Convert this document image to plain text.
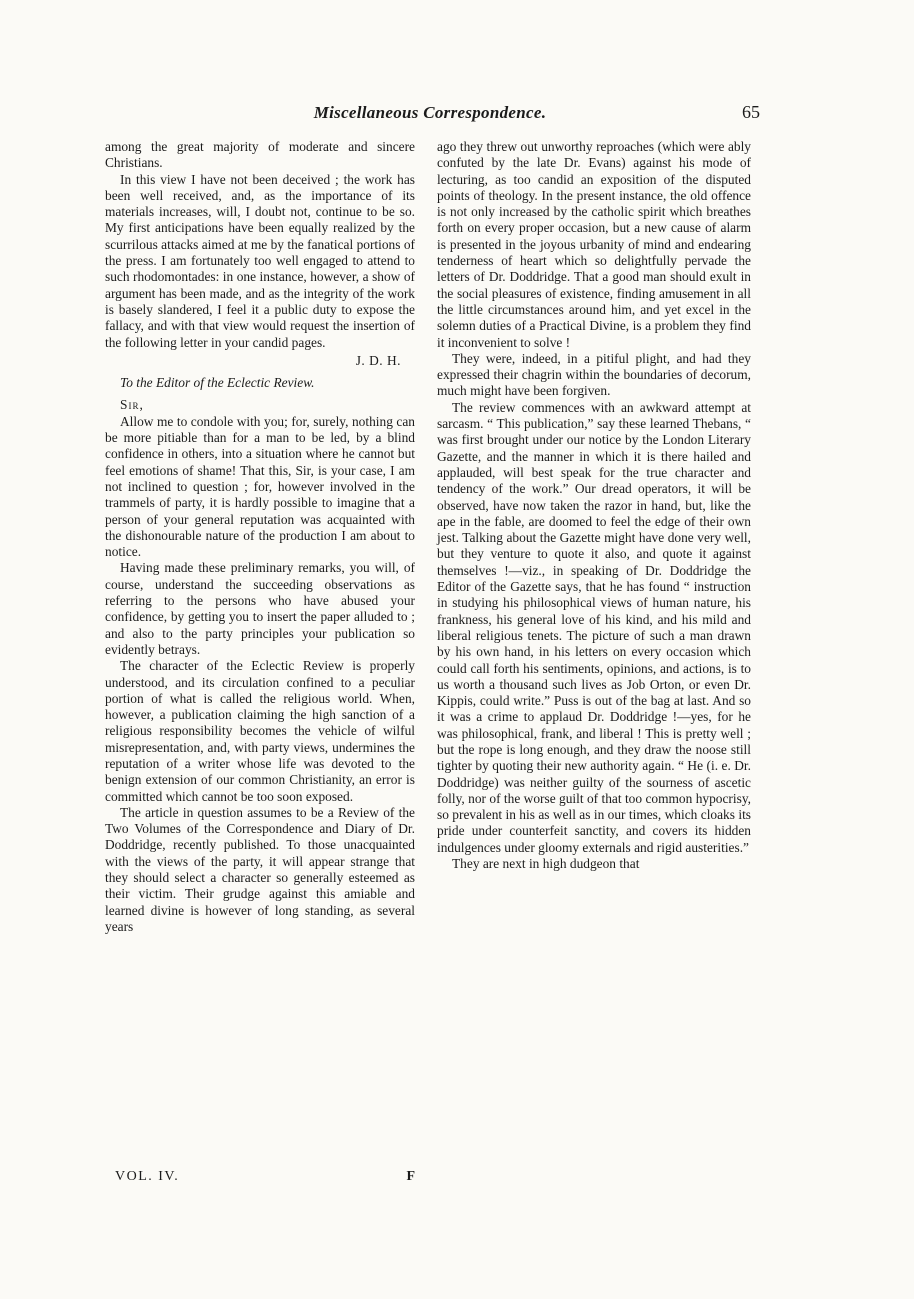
Miscellaneous Correspondence.	65

among the great majority of moderate and sincere Christians.

In this view I have not been deceived ; the work has been well received, and, as the importance of its materials increases, will, I doubt not, continue to be so. My first anticipations have been equally realized by the scurrilous attacks aimed at me by the fanatical portions of the press. I am fortunately too well engaged to attend to such rhodomontades: in one instance, however, a show of argument has been made, and as the integrity of the work is basely slandered, I feel it a public duty to expose the fallacy, and with that view would request the insertion of the following letter in your candid pages.

J. D. H.

To the Editor of the Eclectic Review.

Sir,

Allow me to condole with you; for, surely, nothing can be more pitiable than for a man to be led, by a blind confidence in others, into a situation where he cannot but feel emotions of shame! That this, Sir, is your case, I am not inclined to question ; for, however involved in the trammels of party, it is hardly possible to imagine that a person of your general reputation was acquainted with the dishonourable nature of the production I am about to notice.

Having made these preliminary remarks, you will, of course, understand the succeeding observations as referring to the persons who have abused your confidence, by getting you to insert the paper alluded to ; and also to the party principles your publication so evidently betrays.

The character of the Eclectic Review is properly understood, and its circulation confined to a peculiar portion of what is called the religious world. When, however, a publication claiming the high sanction of a religious responsibility becomes the vehicle of wilful misrepresentation, and, with party views, undermines the reputation of a writer whose life was devoted to the benign extension of our common Christianity, an error is committed which cannot be too soon exposed.

The article in question assumes to be a Review of the Two Volumes of the Correspondence and Diary of Dr. Doddridge, recently published. To those unacquainted with the views of the party, it will appear strange that they should select a character so generally esteemed as their victim. Their grudge against this amiable and learned divine is however of long standing, as several years

ago they threw out unworthy reproaches (which were ably confuted by the late Dr. Evans) against his mode of lecturing, as too candid an exposition of the disputed points of theology. In the present instance, the old offence is not only increased by the catholic spirit which breathes forth on every proper occasion, but a new cause of alarm is presented in the joyous urbanity of mind and endearing tenderness of heart which so delightfully pervade the letters of Dr. Doddridge. That a good man should exult in the social pleasures of existence, finding amusement in all the little circumstances around him, and yet excel in the solemn duties of a Practical Divine, is a problem they find it inconvenient to solve !

They were, indeed, in a pitiful plight, and had they expressed their chagrin within the boundaries of decorum, much might have been forgiven.

The review commences with an awkward attempt at sarcasm. “ This publication,” say these learned Thebans, “ was first brought under our notice by the London Literary Gazette, and the manner in which it is there hailed and applauded, will best speak for the true character and tendency of the work.” Our dread operators, it will be observed, have now taken the razor in hand, but, like the ape in the fable, are doomed to feel the edge of their own jest. Talking about the Gazette might have done very well, but they venture to quote it also, and quote it against themselves !—viz., in speaking of Dr. Doddridge the Editor of the Gazette says, that he has found “ instruction in studying his philosophical views of human nature, his frankness, his general love of his kind, and his mild and liberal religious tenets. The picture of such a man drawn by his own hand, in his letters on every occasion which could call forth his sentiments, opinions, and actions, is to us worth a thousand such lives as Job Orton, or even Dr. Kippis, could write.” Puss is out of the bag at last. And so it was a crime to applaud Dr. Doddridge !—yes, for he was philosophical, frank, and liberal ! This is pretty well ; but the rope is long enough, and they draw the noose still tighter by quoting their new authority again. “ He (i. e. Dr. Doddridge) was neither guilty of the sourness of ascetic folly, nor of the worse guilt of that too common hypocrisy, so prevalent in his as well as in our times, which cloaks its pride under counterfeit sanctity, and covers its hidden indulgences under gloomy externals and rigid austerities.”

They are next in high dudgeon that

VOL. IV.	F
